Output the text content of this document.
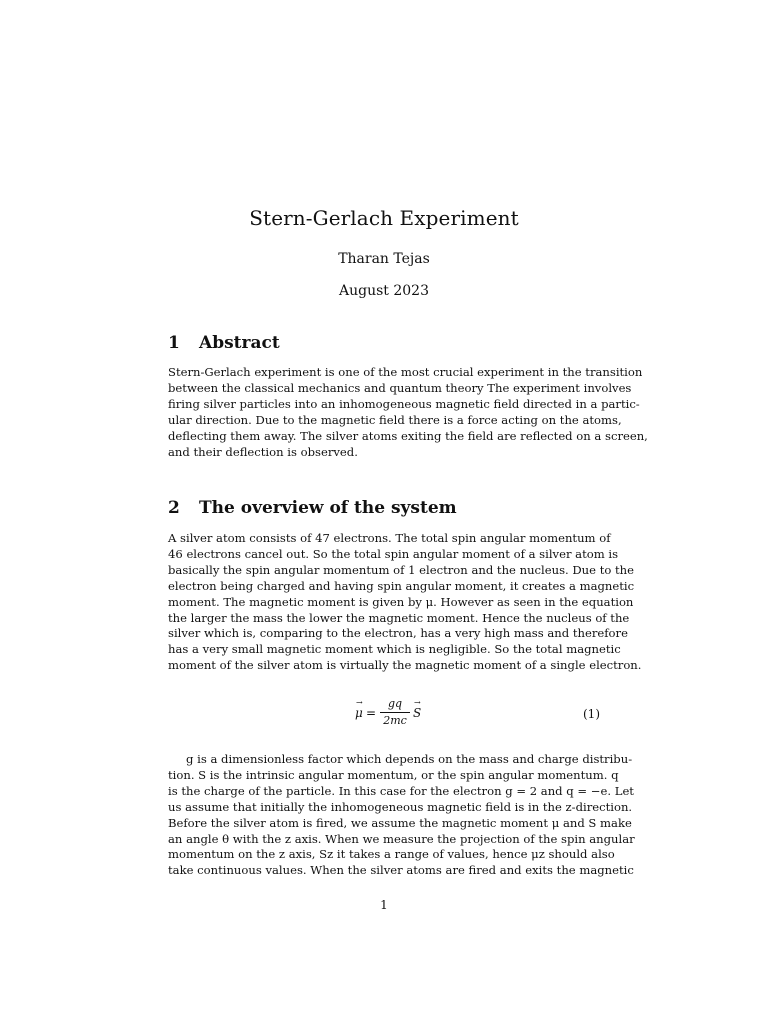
Stern-Gerlach Experiment
Tharan Tejas
August 2023
1 Abstract
Stern-Gerlach experiment is one of the most crucial experiment in the transition
between the classical mechanics and quantum theory The experiment involves
firing silver particles into an inhomogeneous magnetic field directed in a partic-
ular direction. Due to the magnetic field there is a force acting on the atoms,
deflecting them away. The silver atoms exiting the field are reflected on a screen,
and their deflection is observed.
2 The overview of the system
A silver atom consists of 47 electrons. The total spin angular momentum of
46 electrons cancel out. So the total spin angular moment of a silver atom is
basically the spin angular momentum of 1 electron and the nucleus. Due to the
electron being charged and having spin angular moment, it creates a magnetic
moment. The magnetic moment is given by μ. However as seen in the equation
the larger the mass the lower the magnetic moment. Hence the nucleus of the
silver which is, comparing to the electron, has a very high mass and therefore
has a very small magnetic moment which is negligible. So the total magnetic
moment of the silver atom is virtually the magnetic moment of a single electron.
→ μ =
gq
2mc
→ S	(1)
g is a dimensionless factor which depends on the mass and charge distribu-
tion. S is the intrinsic angular momentum, or the spin angular momentum. q
is the charge of the particle. In this case for the electron g = 2 and q = −e. Let
us assume that initially the inhomogeneous magnetic field is in the z-direction.
Before the silver atom is fired, we assume the magnetic moment μ and S make
an angle θ with the z axis. When we measure the projection of the spin angular
momentum on the z axis, Sz it takes a range of values, hence μz should also
take continuous values. When the silver atoms are fired and exits the magnetic
1
